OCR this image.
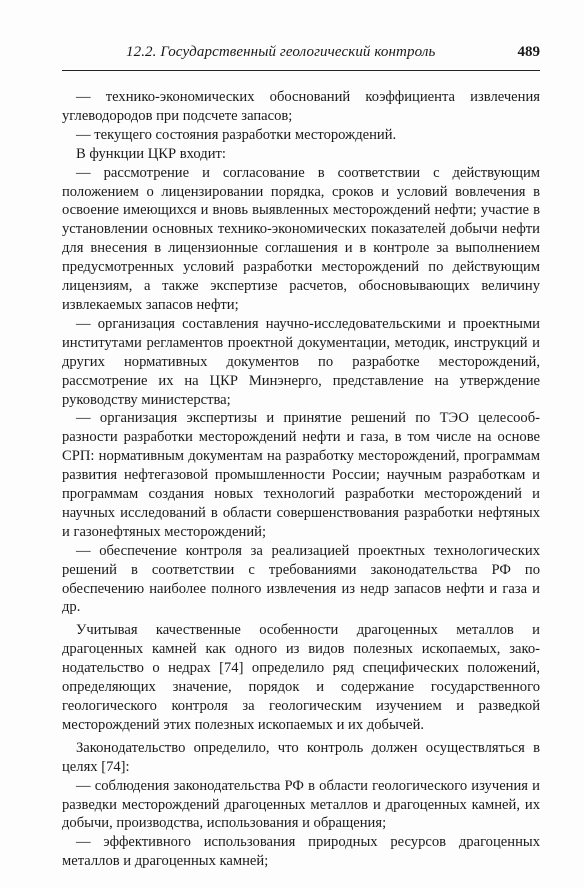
12.2. Государственный геологический контроль	489

— технико-экономических обоснований коэффициента извлечения углеводородов при подсчете запасов;

— текущего состояния разработки месторождений.

В функции ЦКР входит:

— рассмотрение и согласование в соответствии с действующим положением о лицензировании порядка, сроков и условий вовлечения в освоение имеющихся и вновь выявленных месторождений нефти; участие в установлении основных технико-экономических показателей добычи нефти для внесения в лицензионные соглашения и в контроле за выполнением предусмотренных условий разработки месторождений по действующим лицензиям, а также экспертизе расчетов, обосновывающих величину извлекаемых запасов нефти;

— организация составления научно-исследовательскими и проектными институтами регламентов проектной документации, методик, инструкций и других нормативных документов по разработке месторождений, рассмотрение их на ЦКР Минэнерго, представление на утверждение руководству министерства;

— организация экспертизы и принятие решений по ТЭО целесообразности разработки месторождений нефти и газа, в том числе на основе СРП: нормативным документам на разработку месторождений, программам развития нефтегазовой промышленности России; научным разработкам и программам создания новых технологий разработки месторождений и научных исследований в области совершенствования разработки нефтяных и газонефтяных месторождений;

— обеспечение контроля за реализацией проектных технологических решений в соответствии с требованиями законодательства РФ по обеспечению наиболее полного извлечения из недр запасов нефти и газа и др.

Учитывая качественные особенности драгоценных металлов и драгоценных камней как одного из видов полезных ископаемых, законодательство о недрах [74] определило ряд специфических положений, определяющих значение, порядок и содержание государственного геологического контроля за геологическим изучением и разведкой месторождений этих полезных ископаемых и их добычей.

Законодательство определило, что контроль должен осуществляться в целях [74]:

— соблюдения законодательства РФ в области геологического изучения и разведки месторождений драгоценных металлов и драгоценных камней, их добычи, производства, использования и обращения;

— эффективного использования природных ресурсов драгоценных металлов и драгоценных камней;
